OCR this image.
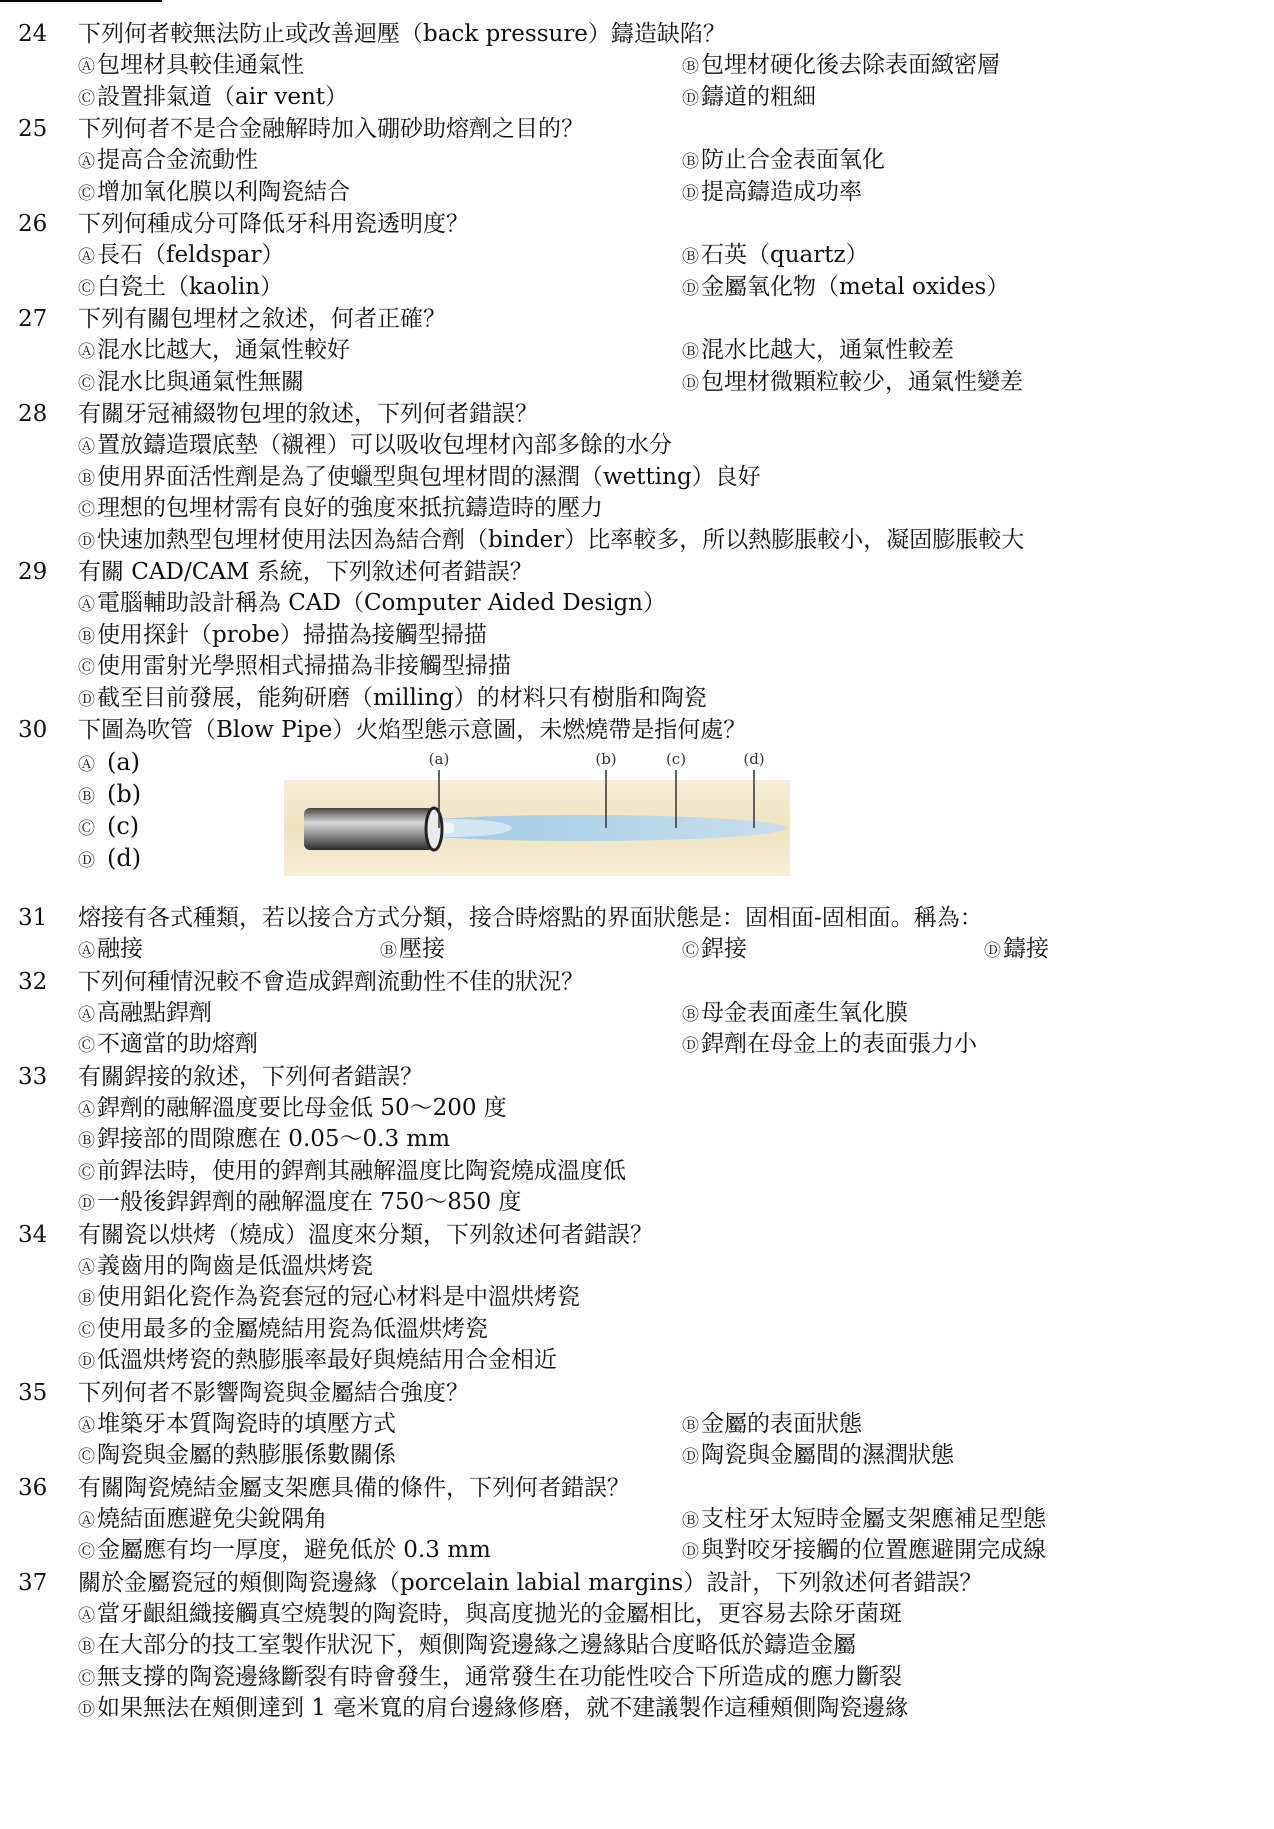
24	下列何者較無法防止或改善迴壓（back pressure）鑄造缺陷？
Ⓐ包埋材具較佳通氣性	Ⓑ包埋材硬化後去除表面緻密層
Ⓒ設置排氣道（air vent）	Ⓓ鑄道的粗細
25	下列何者不是合金融解時加入硼砂助熔劑之目的？
Ⓐ提高合金流動性	Ⓑ防止合金表面氧化
Ⓒ增加氧化膜以利陶瓷結合	Ⓓ提高鑄造成功率
26	下列何種成分可降低牙科用瓷透明度？
Ⓐ長石（feldspar）	Ⓑ石英（quartz）
Ⓒ白瓷土（kaolin）	Ⓓ金屬氧化物（metal oxides）
27	下列有關包埋材之敘述，何者正確？
Ⓐ混水比越大，通氣性較好	Ⓑ混水比越大，通氣性較差
Ⓒ混水比與通氣性無關	Ⓓ包埋材微顆粒較少，通氣性變差
28	有關牙冠補綴物包埋的敘述，下列何者錯誤？
Ⓐ置放鑄造環底墊（襯裡）可以吸收包埋材內部多餘的水分
Ⓑ使用界面活性劑是為了使蠟型與包埋材間的濕潤（wetting）良好
Ⓒ理想的包埋材需有良好的強度來抵抗鑄造時的壓力
Ⓓ快速加熱型包埋材使用法因為結合劑（binder）比率較多，所以熱膨脹較小，凝固膨脹較大
29	有關 CAD/CAM 系統，下列敘述何者錯誤？
Ⓐ電腦輔助設計稱為 CAD（Computer Aided Design）
Ⓑ使用探針（probe）掃描為接觸型掃描
Ⓒ使用雷射光學照相式掃描為非接觸型掃描
Ⓓ截至目前發展，能夠研磨（milling）的材料只有樹脂和陶瓷
30	下圖為吹管（Blow Pipe）火焰型態示意圖，未燃燒帶是指何處？
Ⓐ (a)
Ⓑ (b)
Ⓒ (c)
Ⓓ (d)
(a)	(b)	(c)	(d)
31	熔接有各式種類，若以接合方式分類，接合時熔點的界面狀態是：固相面-固相面。稱為：
Ⓐ融接	Ⓑ壓接	Ⓒ銲接	Ⓓ鑄接
32	下列何種情況較不會造成銲劑流動性不佳的狀況？
Ⓐ高融點銲劑	Ⓑ母金表面產生氧化膜
Ⓒ不適當的助熔劑	Ⓓ銲劑在母金上的表面張力小
33	有關銲接的敘述，下列何者錯誤？
Ⓐ銲劑的融解溫度要比母金低 50～200 度
Ⓑ銲接部的間隙應在 0.05～0.3 mm
Ⓒ前銲法時，使用的銲劑其融解溫度比陶瓷燒成溫度低
Ⓓ一般後銲銲劑的融解溫度在 750～850 度
34	有關瓷以烘烤（燒成）溫度來分類，下列敘述何者錯誤？
Ⓐ義齒用的陶齒是低溫烘烤瓷
Ⓑ使用鋁化瓷作為瓷套冠的冠心材料是中溫烘烤瓷
Ⓒ使用最多的金屬燒結用瓷為低溫烘烤瓷
Ⓓ低溫烘烤瓷的熱膨脹率最好與燒結用合金相近
35	下列何者不影響陶瓷與金屬結合強度？
Ⓐ堆築牙本質陶瓷時的填壓方式	Ⓑ金屬的表面狀態
Ⓒ陶瓷與金屬的熱膨脹係數關係	Ⓓ陶瓷與金屬間的濕潤狀態
36	有關陶瓷燒結金屬支架應具備的條件，下列何者錯誤？
Ⓐ燒結面應避免尖銳隅角	Ⓑ支柱牙太短時金屬支架應補足型態
Ⓒ金屬應有均一厚度，避免低於 0.3 mm	Ⓓ與對咬牙接觸的位置應避開完成線
37	關於金屬瓷冠的頰側陶瓷邊緣（porcelain labial margins）設計，下列敘述何者錯誤？
Ⓐ當牙齦組織接觸真空燒製的陶瓷時，與高度拋光的金屬相比，更容易去除牙菌斑
Ⓑ在大部分的技工室製作狀況下，頰側陶瓷邊緣之邊緣貼合度略低於鑄造金屬
Ⓒ無支撐的陶瓷邊緣斷裂有時會發生，通常發生在功能性咬合下所造成的應力斷裂
Ⓓ如果無法在頰側達到 1 毫米寬的肩台邊緣修磨，就不建議製作這種頰側陶瓷邊緣
